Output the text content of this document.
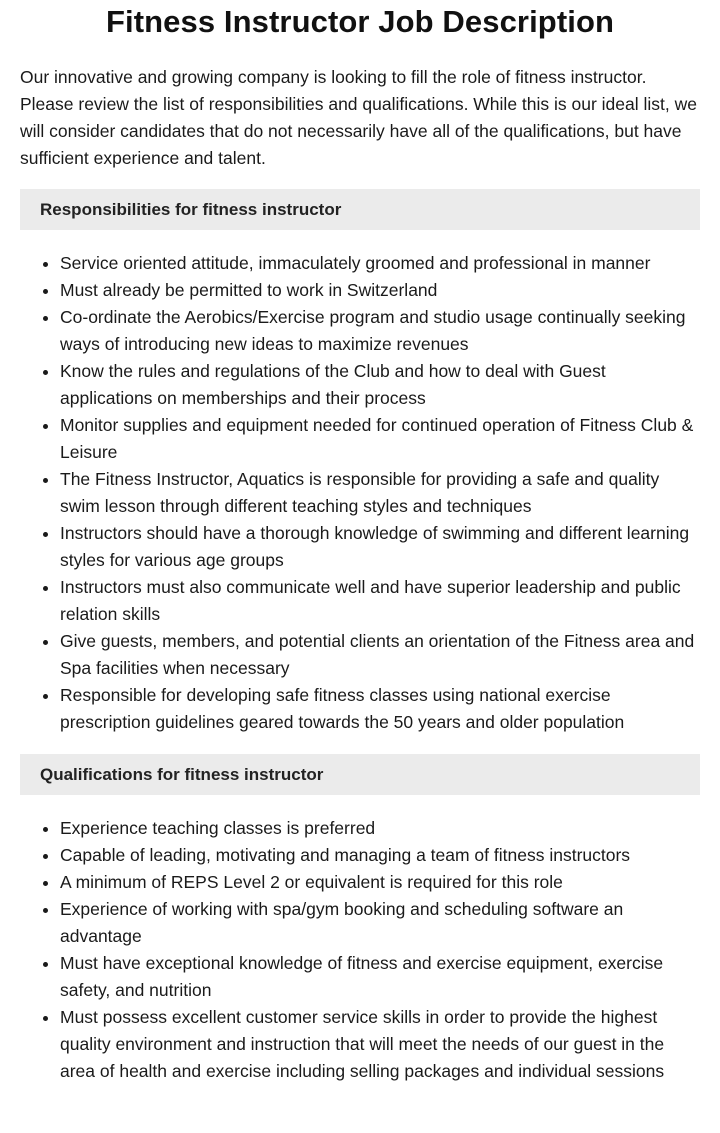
Fitness Instructor Job Description

Our innovative and growing company is looking to fill the role of fitness instructor. Please review the list of responsibilities and qualifications. While this is our ideal list, we will consider candidates that do not necessarily have all of the qualifications, but have sufficient experience and talent.

Responsibilities for fitness instructor
• Service oriented attitude, immaculately groomed and professional in manner
• Must already be permitted to work in Switzerland
• Co-ordinate the Aerobics/Exercise program and studio usage continually seeking ways of introducing new ideas to maximize revenues
• Know the rules and regulations of the Club and how to deal with Guest applications on memberships and their process
• Monitor supplies and equipment needed for continued operation of Fitness Club & Leisure
• The Fitness Instructor, Aquatics is responsible for providing a safe and quality swim lesson through different teaching styles and techniques
• Instructors should have a thorough knowledge of swimming and different learning styles for various age groups
• Instructors must also communicate well and have superior leadership and public relation skills
• Give guests, members, and potential clients an orientation of the Fitness area and Spa facilities when necessary
• Responsible for developing safe fitness classes using national exercise prescription guidelines geared towards the 50 years and older population
Qualifications for fitness instructor
• Experience teaching classes is preferred
• Capable of leading, motivating and managing a team of fitness instructors
• A minimum of REPS Level 2 or equivalent is required for this role
• Experience of working with spa/gym booking and scheduling software an advantage
• Must have exceptional knowledge of fitness and exercise equipment, exercise safety, and nutrition
• Must possess excellent customer service skills in order to provide the highest quality environment and instruction that will meet the needs of our guest in the area of health and exercise including selling packages and individual sessions
